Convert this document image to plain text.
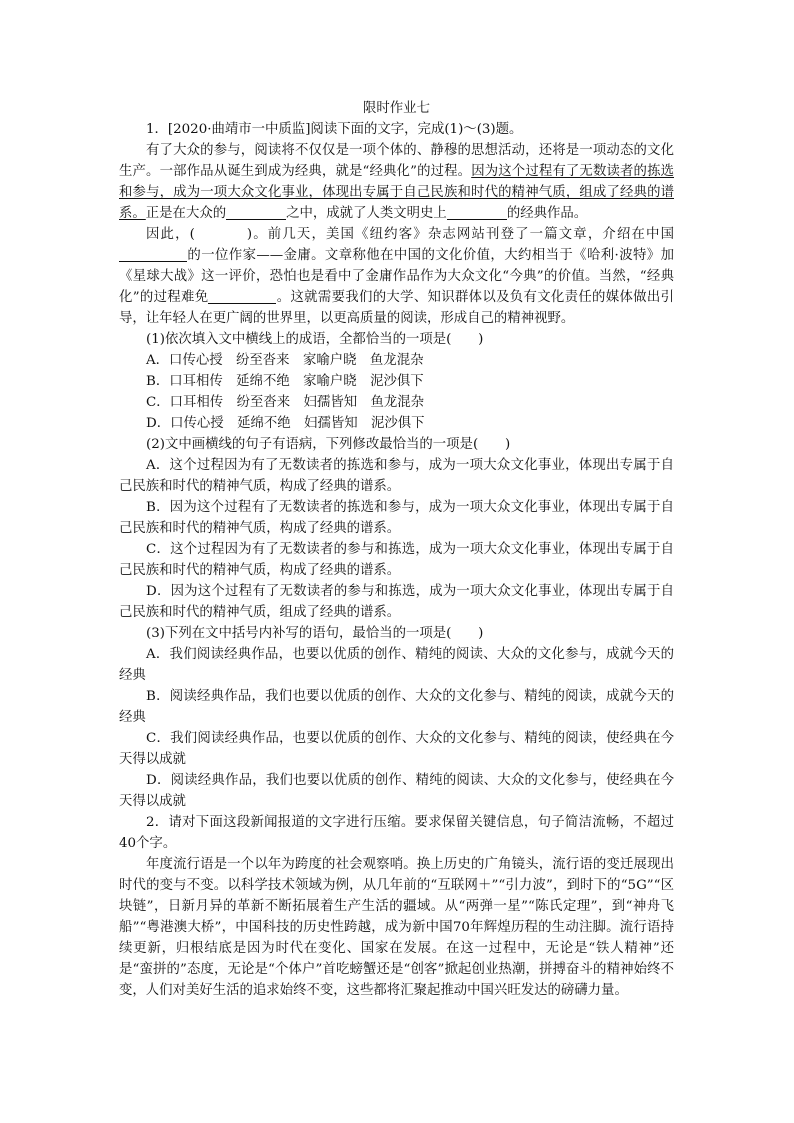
限时作业七

1．[2020·曲靖市一中质监]阅读下面的文字，完成(1)～(3)题。

有了大众的参与，阅读将不仅仅是一项个体的、静穆的思想活动，还将是一项动态的文化生产。一部作品从诞生到成为经典，就是“经典化”的过程。因为这个过程有了无数读者的拣选和参与，成为一项大众文化事业，体现出专属于自己民族和时代的精神气质，组成了经典的谱系。正是在大众的	之中，成就了人类文明史上	的经典作品。

因此，(	)。前几天，美国《纽约客》杂志网站刊登了一篇文章，介绍在中国的一位作家——金庸。文章称他在中国的文化价值，大约相当于《哈利·波特》加《星球大战》这一评价，恐怕也是看中了金庸作品作为大众文化“今典”的价值。当然，“经典化”的过程难免	。这就需要我们的大学、知识群体以及负有文化责任的媒体做出引导，让年轻人在更广阔的世界里，以更高质量的阅读，形成自己的精神视野。

(1)依次填入文中横线上的成语，全都恰当的一项是(　　)

A．口传心授　纷至沓来　家喻户晓　鱼龙混杂

B．口耳相传　延绵不绝　家喻户晓　泥沙俱下

C．口耳相传　纷至沓来　妇孺皆知　鱼龙混杂

D．口传心授　延绵不绝　妇孺皆知　泥沙俱下

(2)文中画横线的句子有语病，下列修改最恰当的一项是(　　)

A．这个过程因为有了无数读者的拣选和参与，成为一项大众文化事业，体现出专属于自己民族和时代的精神气质，构成了经典的谱系。

B．因为这个过程有了无数读者的拣选和参与，成为一项大众文化事业，体现出专属于自己民族和时代的精神气质，构成了经典的谱系。

C．这个过程因为有了无数读者的参与和拣选，成为一项大众文化事业，体现出专属于自己民族和时代的精神气质，构成了经典的谱系。

D．因为这个过程有了无数读者的参与和拣选，成为一项大众文化事业，体现出专属于自己民族和时代的精神气质，组成了经典的谱系。

(3)下列在文中括号内补写的语句，最恰当的一项是(　　)

A．我们阅读经典作品，也要以优质的创作、精纯的阅读、大众的文化参与，成就今天的经典

B．阅读经典作品，我们也要以优质的创作、大众的文化参与、精纯的阅读，成就今天的经典

C．我们阅读经典作品，也要以优质的创作、大众的文化参与、精纯的阅读，使经典在今天得以成就

D．阅读经典作品，我们也要以优质的创作、精纯的阅读、大众的文化参与，使经典在今天得以成就

2．请对下面这段新闻报道的文字进行压缩。要求保留关键信息，句子简洁流畅，不超过40个字。

年度流行语是一个以年为跨度的社会观察哨。换上历史的广角镜头，流行语的变迁展现出时代的变与不变。以科学技术领域为例，从几年前的“互联网＋”“引力波”，到时下的“5G”“区块链”，日新月异的革新不断拓展着生产生活的疆域。从“两弹一星”“陈氏定理”，到“神舟飞船”“粤港澳大桥”，中国科技的历史性跨越，成为新中国70年辉煌历程的生动注脚。流行语持续更新，归根结底是因为时代在变化、国家在发展。在这一过程中，无论是“铁人精神”还是“蛮拼的”态度，无论是“个体户”首吃螃蟹还是“创客”掀起创业热潮，拼搏奋斗的精神始终不变，人们对美好生活的追求始终不变，这些都将汇聚起推动中国兴旺发达的磅礴力量。
